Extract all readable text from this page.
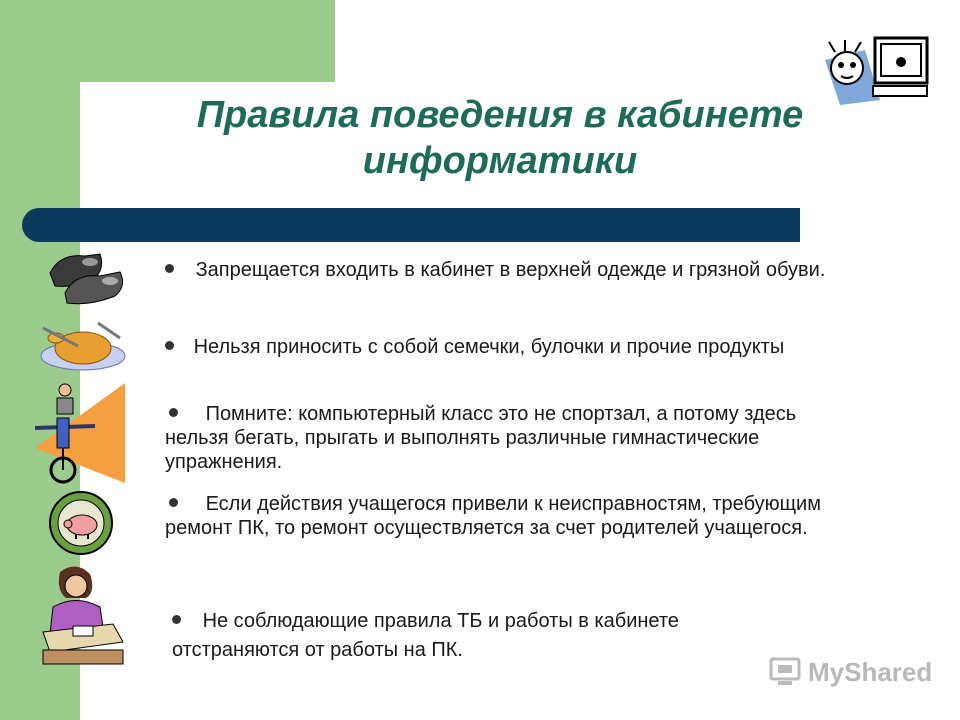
Правила поведения в кабинете
информатики
Запрещается входить в кабинет в верхней одежде и грязной обуви.
Нельзя приносить с собой семечки, булочки и прочие продукты
Помните: компьютерный класс это не спортзал, а потому здесь нельзя бегать, прыгать и выполнять различные гимнастические упражнения.
Если действия учащегося привели к неисправностям, требующим ремонт ПК, то ремонт осуществляется за счет родителей учащегося.
Не соблюдающие правила ТБ и работы в кабинете отстраняются от работы на ПК.
MyShared
